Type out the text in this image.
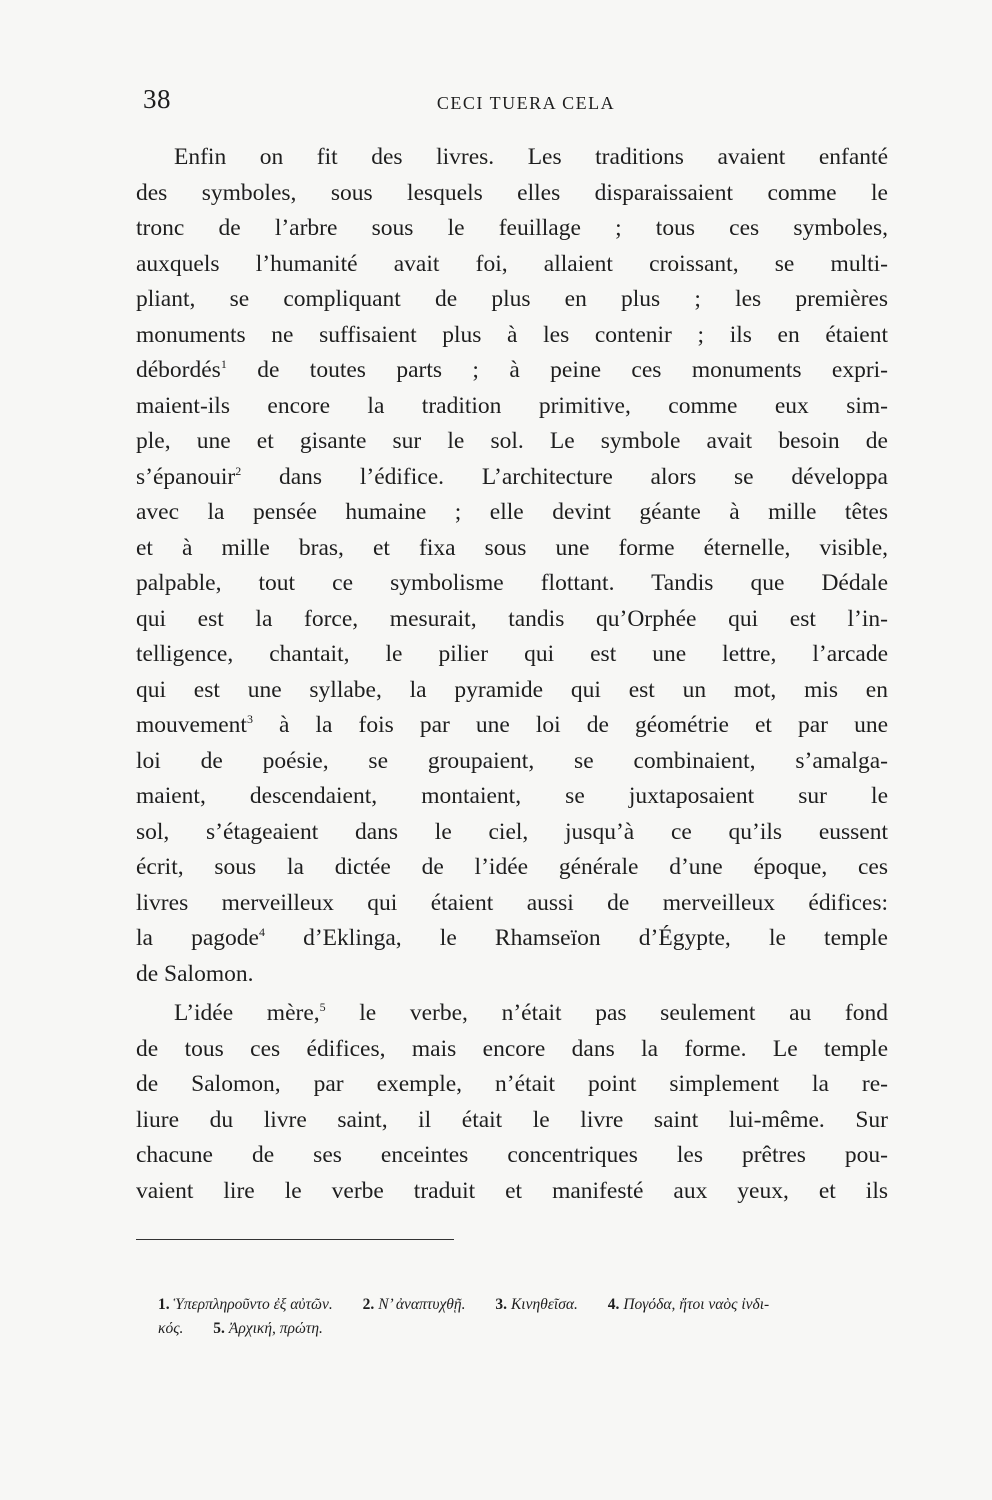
38	CECI TUERA CELA
Enfin on fit des livres. Les traditions avaient enfanté
des symboles, sous lesquels elles disparaissaient comme le
tronc de l’arbre sous le feuillage ; tous ces symboles,
auxquels l’humanité avait foi, allaient croissant, se multi-
pliant, se compliquant de plus en plus ; les premières
monuments ne suffisaient plus à les contenir ; ils en étaient
débordés$^1$ de toutes parts ; à peine ces monuments expri-
maient-ils encore la tradition primitive, comme eux sim-
ple, une et gisante sur le sol. Le symbole avait besoin de
s’épanouir$^2$ dans l’édifice. L’architecture alors se développa
avec la pensée humaine ; elle devint géante à mille têtes
et à mille bras, et fixa sous une forme éternelle, visible,
palpable, tout ce symbolisme flottant. Tandis que Dédale
qui est la force, mesurait, tandis qu’Orphée qui est l’in-
telligence, chantait, le pilier qui est une lettre, l’arcade
qui est une syllabe, la pyramide qui est un mot, mis en
mouvement$^3$ à la fois par une loi de géométrie et par une
loi de poésie, se groupaient, se combinaient, s’amalga-
maient, descendaient, montaient, se juxtaposaient sur le
sol, s’étageaient dans le ciel, jusqu’à ce qu’ils eussent
écrit, sous la dictée de l’idée générale d’une époque, ces
livres merveilleux qui étaient aussi de merveilleux édifices:
la pagode$^4$ d’Eklinga, le Rhamseïon d’Égypte, le temple
de Salomon.
L’idée mère,$^5$ le verbe, n’était pas seulement au fond
de tous ces édifices, mais encore dans la forme. Le temple
de Salomon, par exemple, n’était point simplement la re-
liure du livre saint, il était le livre saint lui-même. Sur
chacune de ses enceintes concentriques les prêtres pou-
vaient lire le verbe traduit et manifesté aux yeux, et ils
1. Ὑπερπληροῦντο ἐξ αὐτῶν. 2. Ν’ ἀναπτυχθῇ. 3. Κινηθεῖσα. 4. Πογόδα, ἤτοι ναὸς ἰνδι-
κός. 5. Ἀρχική, πρώτη.
